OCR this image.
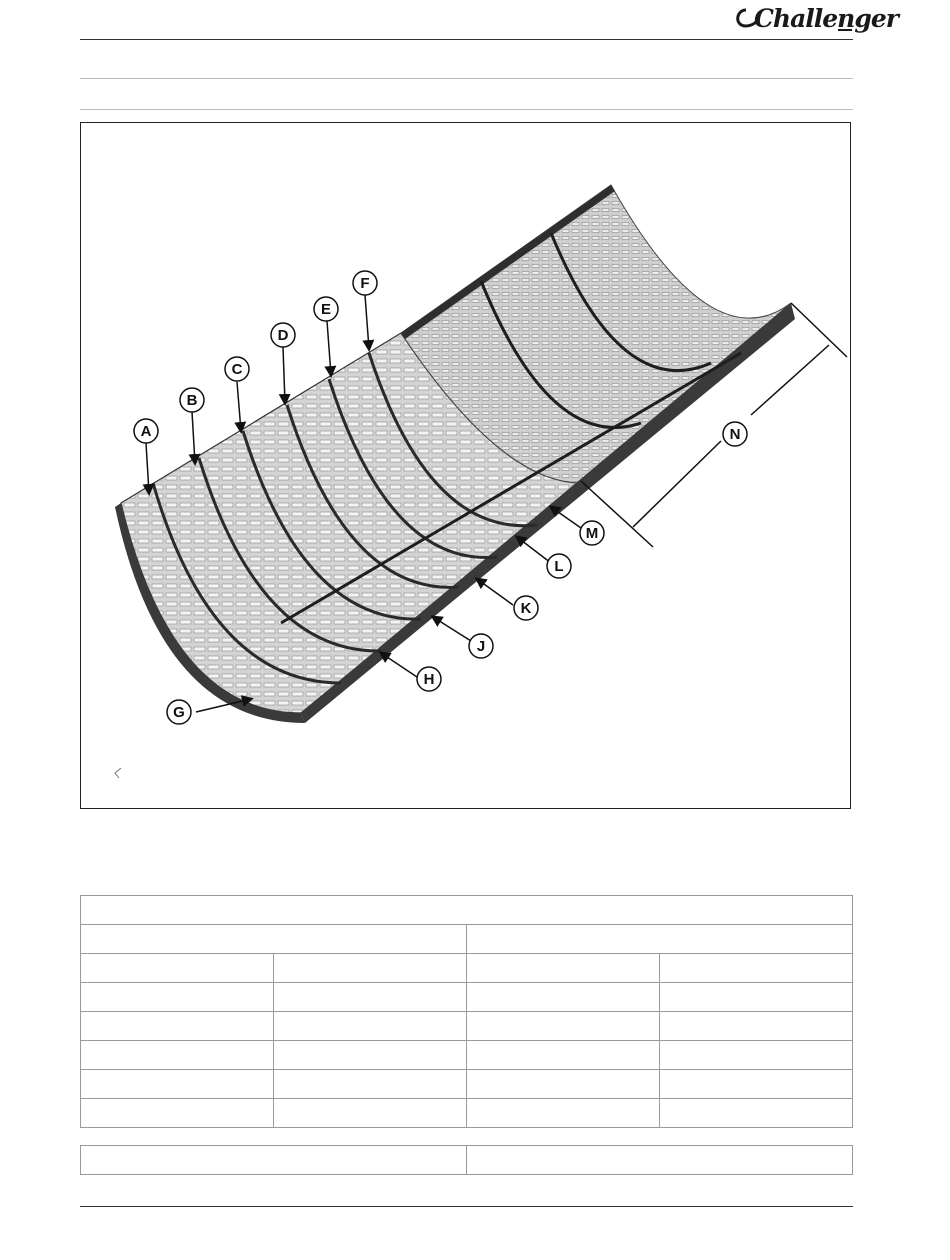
Challenger
A
B
C
D
E
F
G
H
J
K
L
M
N
